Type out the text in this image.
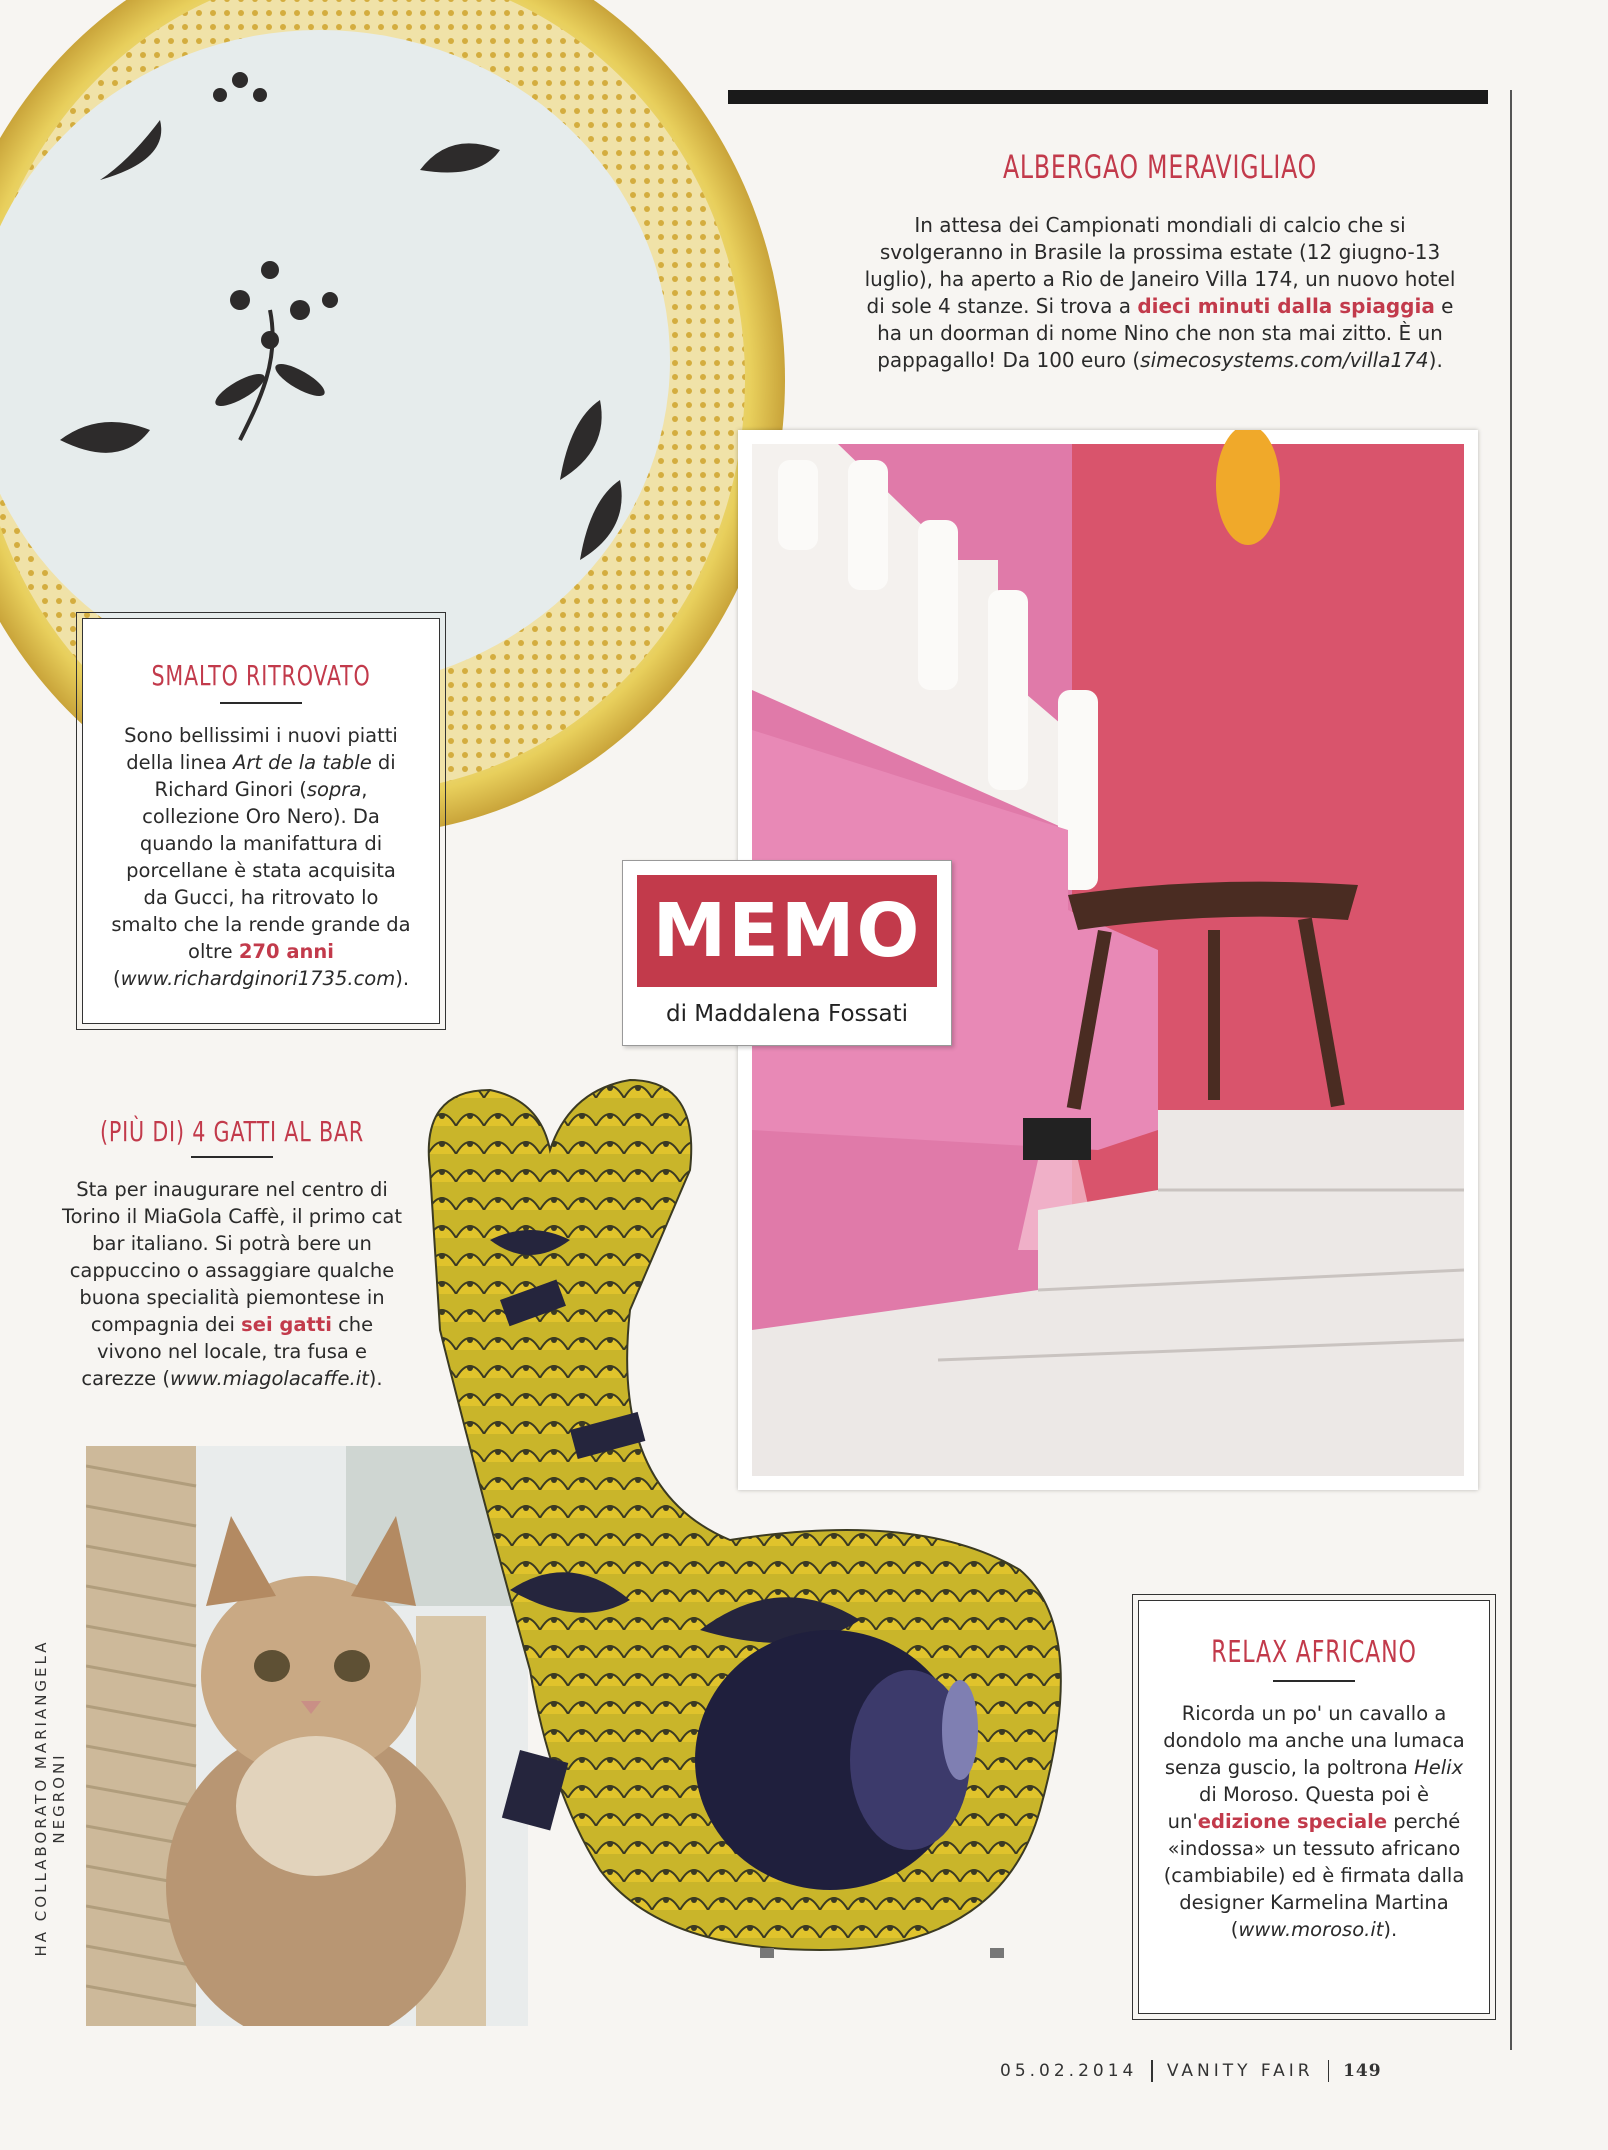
ALBERGAO MERAVIGLIAO
In attesa dei Campionati mondiali di calcio che si svolgeranno in Brasile la prossima estate (12 giugno-13 luglio), ha aperto a Rio de Janeiro Villa 174, un nuovo hotel di sole 4 stanze. Si trova a dieci minuti dalla spiaggia e ha un doorman di nome Nino che non sta mai zitto. È un pappagallo! Da 100 euro (simecosystems.com/villa174).
SMALTO RITROVATO
Sono bellissimi i nuovi piatti della linea Art de la table di Richard Ginori (sopra, collezione Oro Nero). Da quando la manifattura di porcellane è stata acquisita da Gucci, ha ritrovato lo smalto che la rende grande da oltre 270 anni (www.richardginori1735.com).
MEMO
di Maddalena Fossati
(PIÙ DI) 4 GATTI AL BAR
Sta per inaugurare nel centro di Torino il MiaGola Caffè, il primo cat bar italiano. Si potrà bere un cappuccino o assaggiare qualche buona specialità piemontese in compagnia dei sei gatti che vivono nel locale, tra fusa e carezze (www.miagolacaffe.it).
RELAX AFRICANO
Ricorda un po' un cavallo a dondolo ma anche una lumaca senza guscio, la poltrona Helix di Moroso. Questa poi è un'edizione speciale perché «indossa» un tessuto africano (cambiabile) ed è firmata dalla designer Karmelina Martina (www.moroso.it).
HA COLLABORATO MARIANGELA NEGRONI
05.02.2014 VANITY FAIR 149
